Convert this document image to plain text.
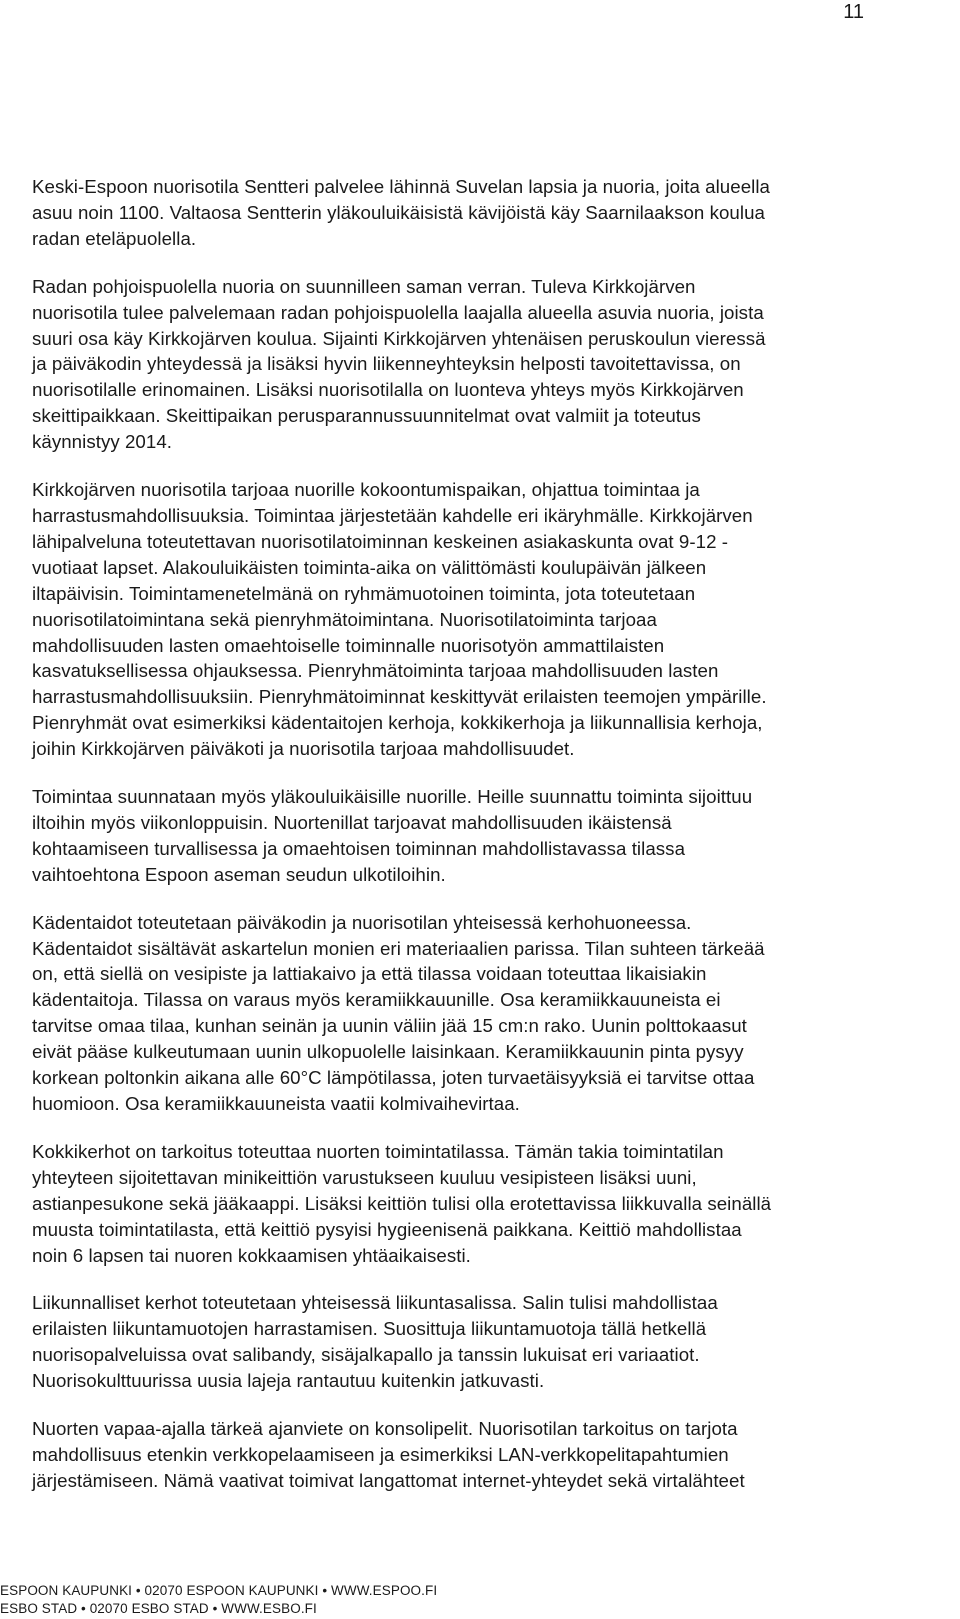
11

Keski-Espoon nuorisotila Sentteri palvelee lähinnä Suvelan lapsia ja nuoria, joita alueella
asuu noin 1100. Valtaosa Sentterin yläkouluikäisistä kävijöistä käy Saarnilaakson koulua
radan eteläpuolella.

Radan pohjoispuolella nuoria on suunnilleen saman verran. Tuleva Kirkkojärven
nuorisotila tulee palvelemaan radan pohjoispuolella laajalla alueella asuvia nuoria, joista
suuri osa käy Kirkkojärven koulua. Sijainti Kirkkojärven yhtenäisen peruskoulun vieressä
ja päiväkodin yhteydessä ja lisäksi hyvin liikenneyhteyksin helposti tavoitettavissa, on
nuorisotilalle erinomainen. Lisäksi nuorisotilalla on luonteva yhteys myös Kirkkojärven
skeittipaikkaan. Skeittipaikan perusparannussuunnitelmat ovat valmiit ja toteutus
käynnistyy 2014.

Kirkkojärven nuorisotila tarjoaa nuorille kokoontumispaikan, ohjattua toimintaa ja
harrastusmahdollisuuksia. Toimintaa järjestetään kahdelle eri ikäryhmälle. Kirkkojärven
lähipalveluna toteutettavan nuorisotilatoiminnan keskeinen asiakaskunta ovat 9-12 -
vuotiaat lapset. Alakouluikäisten toiminta-aika on välittömästi koulupäivän jälkeen
iltapäivisin. Toimintamenetelmänä on ryhmämuotoinen toiminta, jota toteutetaan
nuorisotilatoimintana sekä pienryhmätoimintana. Nuorisotilatoiminta tarjoaa
mahdollisuuden lasten omaehtoiselle toiminnalle nuorisotyön ammattilaisten
kasvatuksellisessa ohjauksessa. Pienryhmätoiminta tarjoaa mahdollisuuden lasten
harrastusmahdollisuuksiin. Pienryhmätoiminnat keskittyvät erilaisten teemojen ympärille.
Pienryhmät ovat esimerkiksi kädentaitojen kerhoja, kokkikerhoja ja liikunnallisia kerhoja,
joihin Kirkkojärven päiväkoti ja nuorisotila tarjoaa mahdollisuudet.

Toimintaa suunnataan myös yläkouluikäisille nuorille. Heille suunnattu toiminta sijoittuu
iltoihin myös viikonloppuisin. Nuortenillat tarjoavat mahdollisuuden ikäistensä
kohtaamiseen turvallisessa ja omaehtoisen toiminnan mahdollistavassa tilassa
vaihtoehtona Espoon aseman seudun ulkotiloihin.

Kädentaidot toteutetaan päiväkodin ja nuorisotilan yhteisessä kerhohuoneessa.
Kädentaidot sisältävät askartelun monien eri materiaalien parissa. Tilan suhteen tärkeää
on, että siellä on vesipiste ja lattiakaivo ja että tilassa voidaan toteuttaa likaisiakin
kädentaitoja. Tilassa on varaus myös keramiikkauunille. Osa keramiikkauuneista ei
tarvitse omaa tilaa, kunhan seinän ja uunin väliin jää 15 cm:n rako. Uunin polttokaasut
eivät pääse kulkeutumaan uunin ulkopuolelle laisinkaan. Keramiikkauunin pinta pysyy
korkean poltonkin aikana alle 60°C lämpötilassa, joten turvaetäisyyksiä ei tarvitse ottaa
huomioon. Osa keramiikkauuneista vaatii kolmivaihevirtaa.

Kokkikerhot on tarkoitus toteuttaa nuorten toimintatilassa. Tämän takia toimintatilan
yhteyteen sijoitettavan minikeittiön varustukseen kuuluu vesipisteen lisäksi uuni,
astianpesukone sekä jääkaappi. Lisäksi keittiön tulisi olla erotettavissa liikkuvalla seinällä
muusta toimintatilasta, että keittiö pysyisi hygieenisenä paikkana. Keittiö mahdollistaa
noin 6 lapsen tai nuoren kokkaamisen yhtäaikaisesti.

Liikunnalliset kerhot toteutetaan yhteisessä liikuntasalissa. Salin tulisi mahdollistaa
erilaisten liikuntamuotojen harrastamisen. Suosittuja liikuntamuotoja tällä hetkellä
nuorisopalveluissa ovat salibandy, sisäjalkapallo ja tanssin lukuisat eri variaatiot.
Nuorisokulttuurissa uusia lajeja rantautuu kuitenkin jatkuvasti.

Nuorten vapaa-ajalla tärkeä ajanviete on konsolipelit. Nuorisotilan tarkoitus on tarjota
mahdollisuus etenkin verkkopelaamiseen ja esimerkiksi LAN-verkkopelitapahtumien
järjestämiseen. Nämä vaativat toimivat langattomat internet-yhteydet sekä virtalähteet

ESPOON KAUPUNKI • 02070 ESPOON KAUPUNKI • WWW.ESPOO.FI
ESBO STAD • 02070 ESBO STAD • WWW.ESBO.FI
